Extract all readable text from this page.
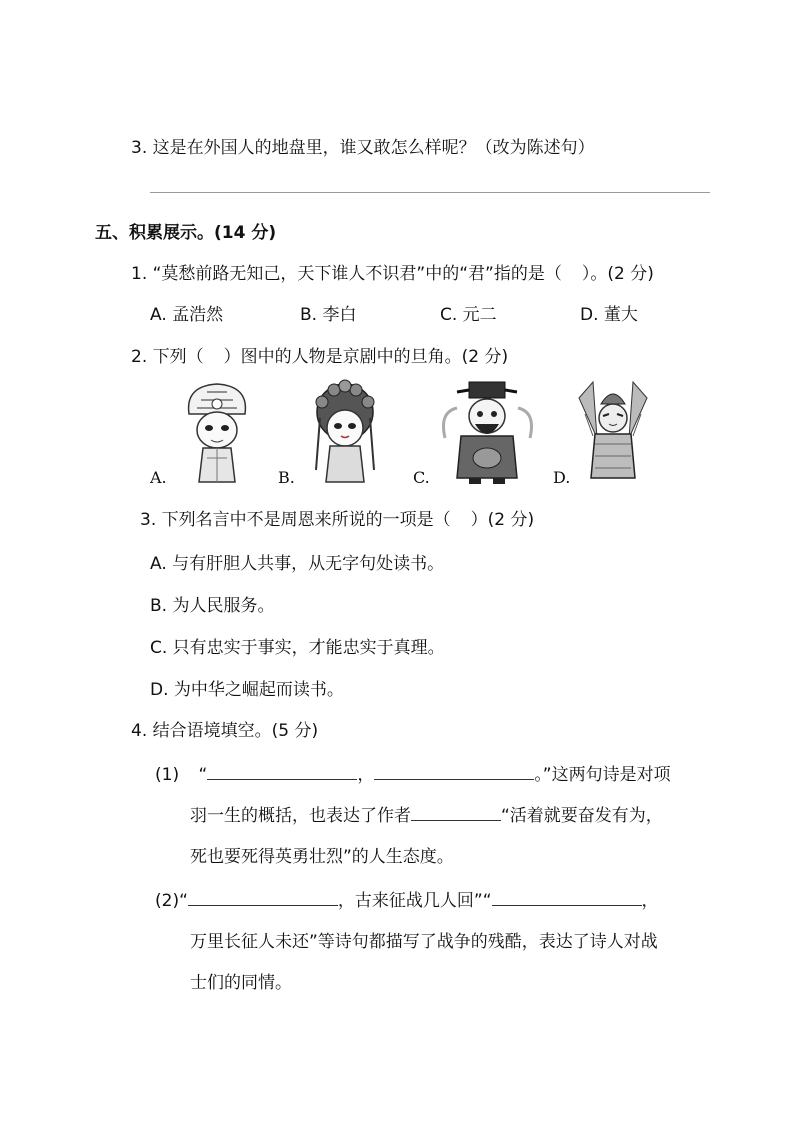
3. 这是在外国人的地盘里，谁又敢怎么样呢？（改为陈述句）
五、积累展示。(14 分)
1. “莫愁前路无知己，天下谁人不识君”中的“君”指的是（ ）。(2 分)
A. 孟浩然	B. 李白	C. 元二	D. 董大
2. 下列（ ）图中的人物是京剧中的旦角。(2 分)
A.	B.	C.	D.
3. 下列名言中不是周恩来所说的一项是（ ）(2 分)
A. 与有肝胆人共事，从无字句处读书。
B. 为人民服务。
C. 只有忠实于事实，才能忠实于真理。
D. 为中华之崛起而读书。
4. 结合语境填空。(5 分)
(1) “	，	。”这两句诗是对项
羽一生的概括，也表达了作者	“活着就要奋发有为，
死也要死得英勇壮烈”的人生态度。
(2)“	，古来征战几人回”“	，
万里长征人未还”等诗句都描写了战争的残酷，表达了诗人对战
士们的同情。
